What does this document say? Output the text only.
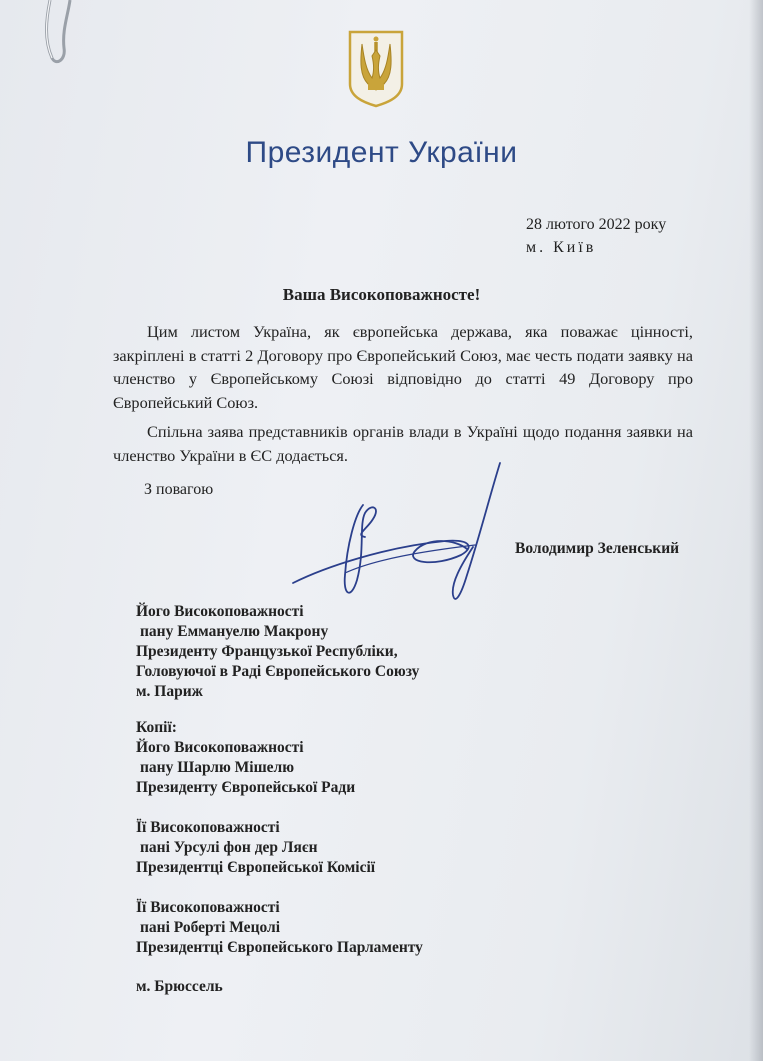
Президент України
28 лютого 2022 року
м. Київ
Ваша Високоповажносте!
Цим листом Україна, як європейська держава, яка поважає цінності, закріплені в статті 2 Договору про Європейський Союз, має честь подати заявку на членство у Європейському Союзі відповідно до статті 49 Договору про Європейський Союз.
Спільна заява представників органів влади в Україні щодо подання заявки на членство України в ЄС додається.
З повагою
Володимир Зеленський
Його Високоповажності
пану Еммануелю Макрону
Президенту Французької Республіки,
Головуючої в Раді Європейського Союзу
м. Париж
Копії:
Його Високоповажності
пану Шарлю Мішелю
Президенту Європейської Ради
Її Високоповажності
пані Урсулі фон дер Ляєн
Президентці Європейської Комісії
Її Високоповажності
пані Роберті Мецолі
Президентці Європейського Парламенту
м. Брюссель
